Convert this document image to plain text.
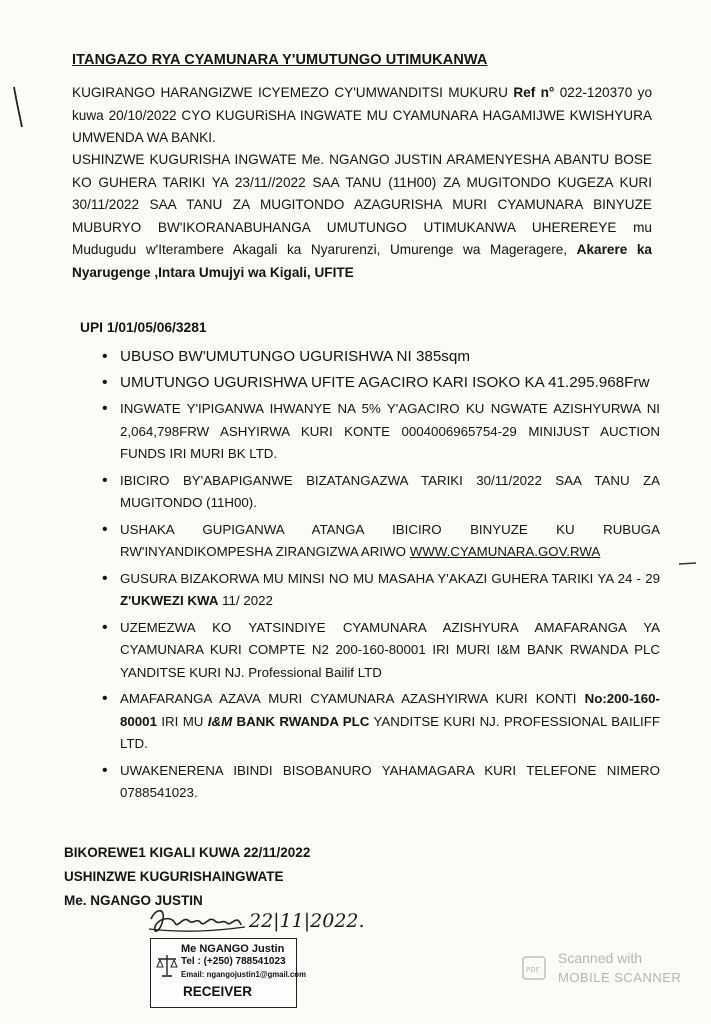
ITANGAZO RYA CYAMUNARA Y'UMUTUNGO UTIMUKANWA
KUGIRANGO HARANGIZWE ICYEMEZO CY'UMWANDITSI MUKURU Ref n° 022-120370 yo kuwa 20/10/2022 CYO KUGURiSHA INGWATE MU CYAMUNARA HAGAMIJWE KWISHYURA UMWENDA WA BANKI.
USHINZWE KUGURISHA INGWATE Me. NGANGO JUSTIN ARAMENYESHA ABANTU BOSE KO GUHERA TARIKI YA 23/11//2022 SAA TANU (11H00) ZA MUGITONDO KUGEZA KURI 30/11/2022 SAA TANU ZA MUGITONDO AZAGURISHA MURI CYAMUNARA BINYUZE MUBURYO BW'IKORANABUHANGA UMUTUNGO UTIMUKANWA UHEREREYE mu Mudugudu w'Iterambere Akagali ka Nyarurenzi, Umurenge wa Mageragere, Akarere ka Nyarugenge ,Intara Umujyi wa Kigali, UFITE
UPI 1/01/05/06/3281
• UBUSO BW'UMUTUNGO UGURISHWA NI 385sqm
• UMUTUNGO UGURISHWA UFITE AGACIRO KARI ISOKO KA 41.295.968Frw
• INGWATE Y'IPIGANWA IHWANYE NA 5% Y'AGACIRO KU NGWATE AZISHYURWA NI 2,064,798FRW ASHYIRWA KURI KONTE 0004006965754-29 MINIJUST AUCTION FUNDS IRI MURI BK LTD.
• IBICIRO BY'ABAPIGANWE BIZATANGAZWA TARIKI 30/11/2022 SAA TANU ZA MUGITONDO (11H00).
• USHAKA GUPIGANWA ATANGA IBICIRO BINYUZE KU RUBUGA RW'INYANDIKOMPESHA ZIRANGIZWA ARIWO WWW.CYAMUNARA.GOV.RWA
• GUSURA BIZAKORWA MU MINSI NO MU MASAHA Y'AKAZI GUHERA TARIKI YA 24 - 29 Z'UKWEZI KWA 11/ 2022
• UZEMEZWA KO YATSINDIYE CYAMUNARA AZISHYURA AMAFARANGA YA CYAMUNARA KURI COMPTE N2 200-160-80001 IRI MURI I&M BANK RWANDA PLC YANDITSE KURI NJ. Professional Bailif LTD
• AMAFARANGA AZAVA MURI CYAMUNARA AZASHYIRWA KURI KONTI No:200-160-80001 IRI MU I&M BANK RWANDA PLC YANDITSE KURI NJ. PROFESSIONAL BAILIFF LTD.
• UWAKENERENA IBINDI BISOBANURO YAHAMAGARA KURI TELEFONE NIMERO 0788541023.
BIKOREWE1 KIGALI KUWA 22/11/2022
USHINZWE KUGURISHAINGWATE
Me. NGANGO JUSTIN
22|11|2022.
Me NGANGO Justin
Tel : (+250) 788541023
Email: ngangojustin1@gmail.com
RECEIVER
PDF
Scanned with
MOBILE SCANNER
